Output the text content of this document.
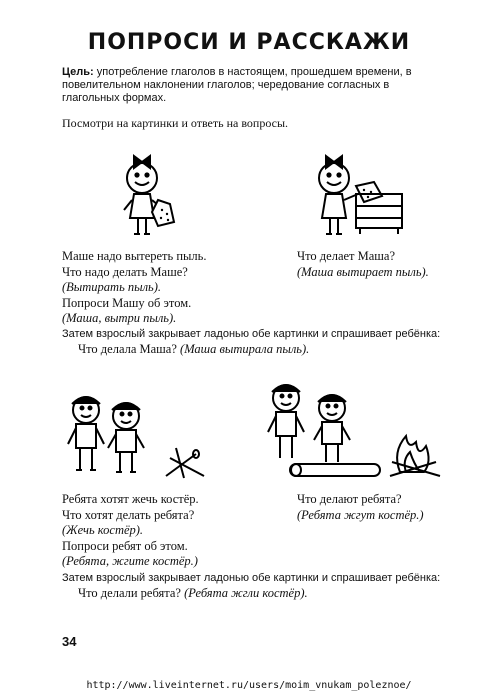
ПОПРОСИ И РАССКАЖИ
Цель: употребление глаголов в настоящем, прошедшем времени, в повелительном наклонении глаголов; чередование согласных в глагольных формах.
Посмотри на картинки и ответь на вопросы.
Маше надо вытереть пыль.
Что надо делать Маше?
(Вытирать пыль).
Попроси Машу об этом.
(Маша, вытри пыль).
Что делает Маша?
(Маша вытирает пыль).
Затем взрослый закрывает ладонью обе картинки и спрашивает ребёнка:
Что делала Маша? (Маша вытирала пыль).
Ребята хотят жечь костёр.
Что хотят делать ребята?
(Жечь костёр).
Попроси ребят об этом.
(Ребята, жгите костёр.)
Что делают ребята?
(Ребята жгут костёр.)
Затем взрослый закрывает ладонью обе картинки и спрашивает ребёнка:
Что делали ребята? (Ребята жгли костёр).
34
http://www.liveinternet.ru/users/moim_vnukam_poleznoe/
